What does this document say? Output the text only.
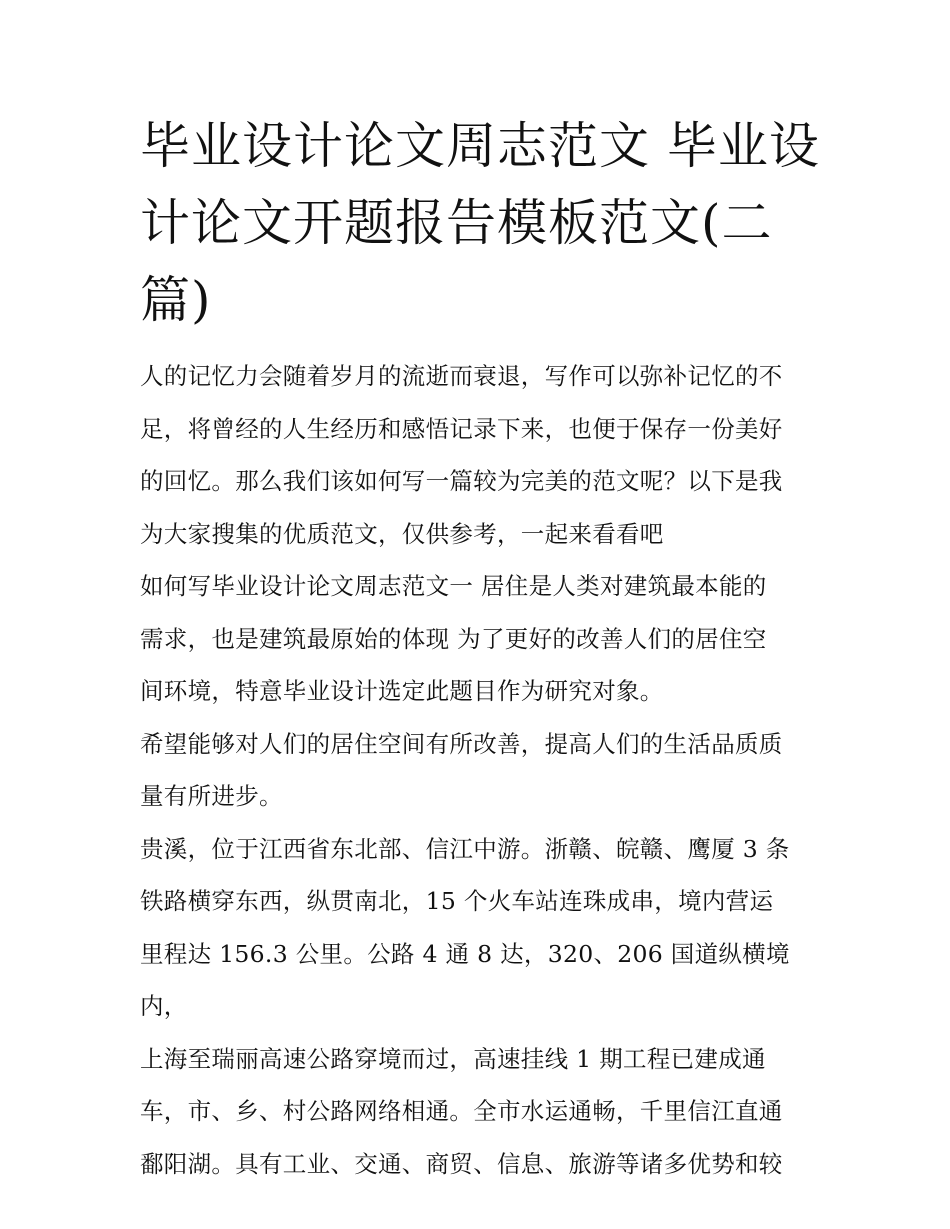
毕业设计论文周志范文 毕业设
计论文开题报告模板范文(二
篇)

人的记忆力会随着岁月的流逝而衰退，写作可以弥补记忆的不
足，将曾经的人生经历和感悟记录下来，也便于保存一份美好
的回忆。那么我们该如何写一篇较为完美的范文呢？以下是我
为大家搜集的优质范文，仅供参考，一起来看看吧

如何写毕业设计论文周志范文一 居住是人类对建筑最本能的
需求，也是建筑最原始的体现 为了更好的改善人们的居住空
间环境，特意毕业设计选定此题目作为研究对象。

希望能够对人们的居住空间有所改善，提高人们的生活品质质
量有所进步。

贵溪，位于江西省东北部、信江中游。浙赣、皖赣、鹰厦 3 条
铁路横穿东西，纵贯南北，15 个火车站连珠成串，境内营运
里程达 156.3 公里。公路 4 通 8 达，320、206 国道纵横境内，
上海至瑞丽高速公路穿境而过，高速挂线 1 期工程已建成通
车，市、乡、村公路网络相通。全市水运通畅，千里信江直通
鄱阳湖。具有工业、交通、商贸、信息、旅游等诸多优势和较
